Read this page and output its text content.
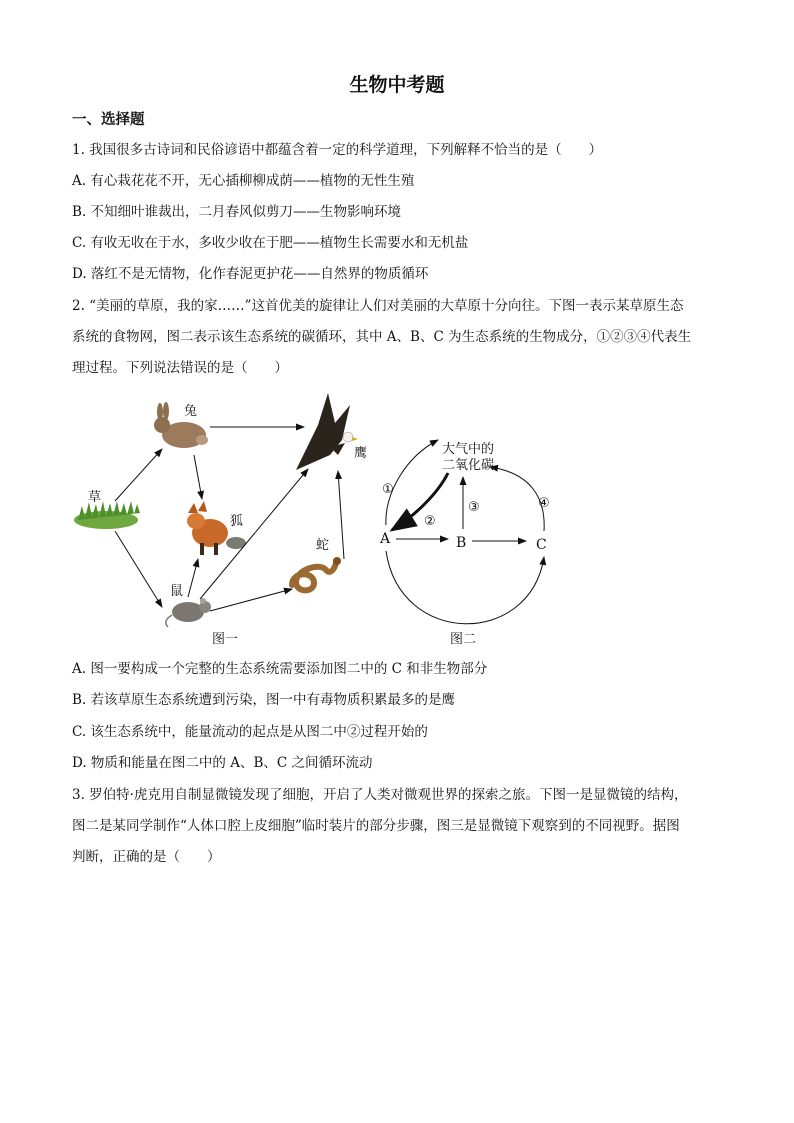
生物中考题
一、选择题
1. 我国很多古诗词和民俗谚语中都蕴含着一定的科学道理，下列解释不恰当的是（　　）
A. 有心栽花花不开，无心插柳柳成荫——植物的无性生殖
B. 不知细叶谁裁出，二月春风似剪刀——生物影响环境
C. 有收无收在于水，多收少收在于肥——植物生长需要水和无机盐
D. 落红不是无情物，化作春泥更护花——自然界的物质循环
2. “美丽的草原，我的家……”这首优美的旋律让人们对美丽的大草原十分向往。下图一表示某草原生态
系统的食物网，图二表示该生态系统的碳循环，其中 A、B、C 为生态系统的生物成分，①②③④代表生
理过程。下列说法错误的是（　　）
草
兔
鹰
狐
蛇
鼠
图一
大气中的
二氧化碳
A	B	C
①
②
③	④
图二
A. 图一要构成一个完整的生态系统需要添加图二中的 C 和非生物部分
B. 若该草原生态系统遭到污染，图一中有毒物质积累最多的是鹰
C. 该生态系统中，能量流动的起点是从图二中②过程开始的
D. 物质和能量在图二中的 A、B、C 之间循环流动
3. 罗伯特·虎克用自制显微镜发现了细胞，开启了人类对微观世界的探索之旅。下图一是显微镜的结构，
图二是某同学制作“人体口腔上皮细胞”临时装片的部分步骤，图三是显微镜下观察到的不同视野。据图
判断，正确的是（　　）
